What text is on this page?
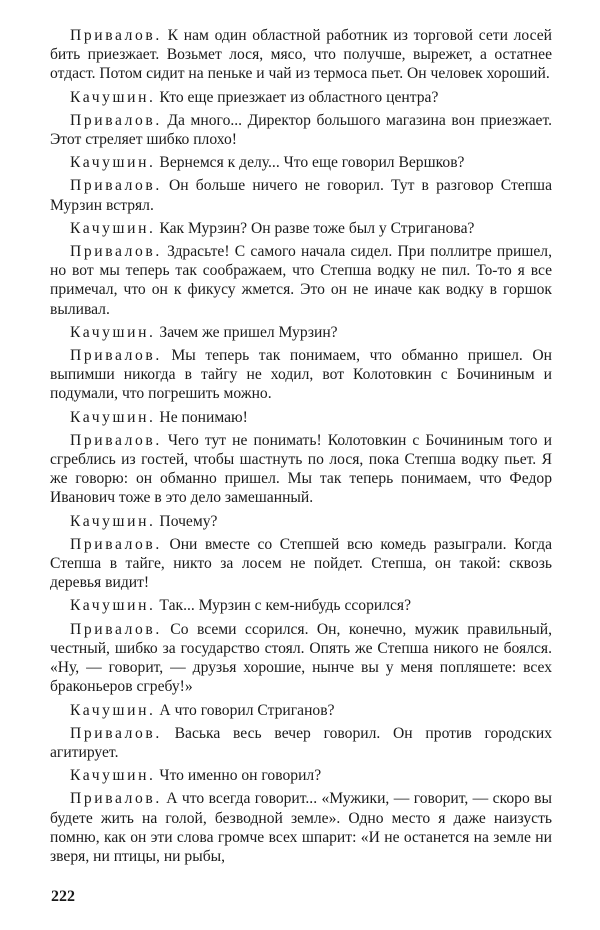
Привалов. К нам один областной работник из торговой сети лосей бить приезжает. Возьмет лося, мясо, что получше, вырежет, а остатнее отдаст. Потом сидит на пеньке и чай из термоса пьет. Он человек хороший.

Качушин. Кто еще приезжает из областного центра?

Привалов. Да много... Директор большого магазина вон приезжает. Этот стреляет шибко плохо!

Качушин. Вернемся к делу... Что еще говорил Вершков?

Привалов. Он больше ничего не говорил. Тут в разговор Степша Мурзин встрял.

Качушин. Как Мурзин? Он разве тоже был у Стриганова?

Привалов. Здрасьте! С самого начала сидел. При поллитре пришел, но вот мы теперь так соображаем, что Степша водку не пил. То-то я все примечал, что он к фикусу жмется. Это он не иначе как водку в горшок выливал.

Качушин. Зачем же пришел Мурзин?

Привалов. Мы теперь так понимаем, что обманно пришел. Он выпимши никогда в тайгу не ходил, вот Колотовкин с Бочининым и подумали, что погрешить можно.

Качушин. Не понимаю!

Привалов. Чего тут не понимать! Колотовкин с Бочининым того и сгреблись из гостей, чтобы шастнуть по лося, пока Степша водку пьет. Я же говорю: он обманно пришел. Мы так теперь понимаем, что Федор Иванович тоже в это дело замешанный.

Качушин. Почему?

Привалов. Они вместе со Степшей всю комедь разыграли. Когда Степша в тайге, никто за лосем не пойдет. Степша, он такой: сквозь деревья видит!

Качушин. Так... Мурзин с кем-нибудь ссорился?

Привалов. Со всеми ссорился. Он, конечно, мужик правильный, честный, шибко за государство стоял. Опять же Степша никого не боялся. «Ну, — говорит, — друзья хорошие, нынче вы у меня попляшете: всех браконьеров сгребу!»

Качушин. А что говорил Стриганов?

Привалов. Васька весь вечер говорил. Он против городских агитирует.

Качушин. Что именно он говорил?

Привалов. А что всегда говорит... «Мужики, — говорит, — скоро вы будете жить на голой, безводной земле». Одно место я даже наизусть помню, как он эти слова громче всех шпарит: «И не останется на земле ни зверя, ни птицы, ни рыбы,

222
